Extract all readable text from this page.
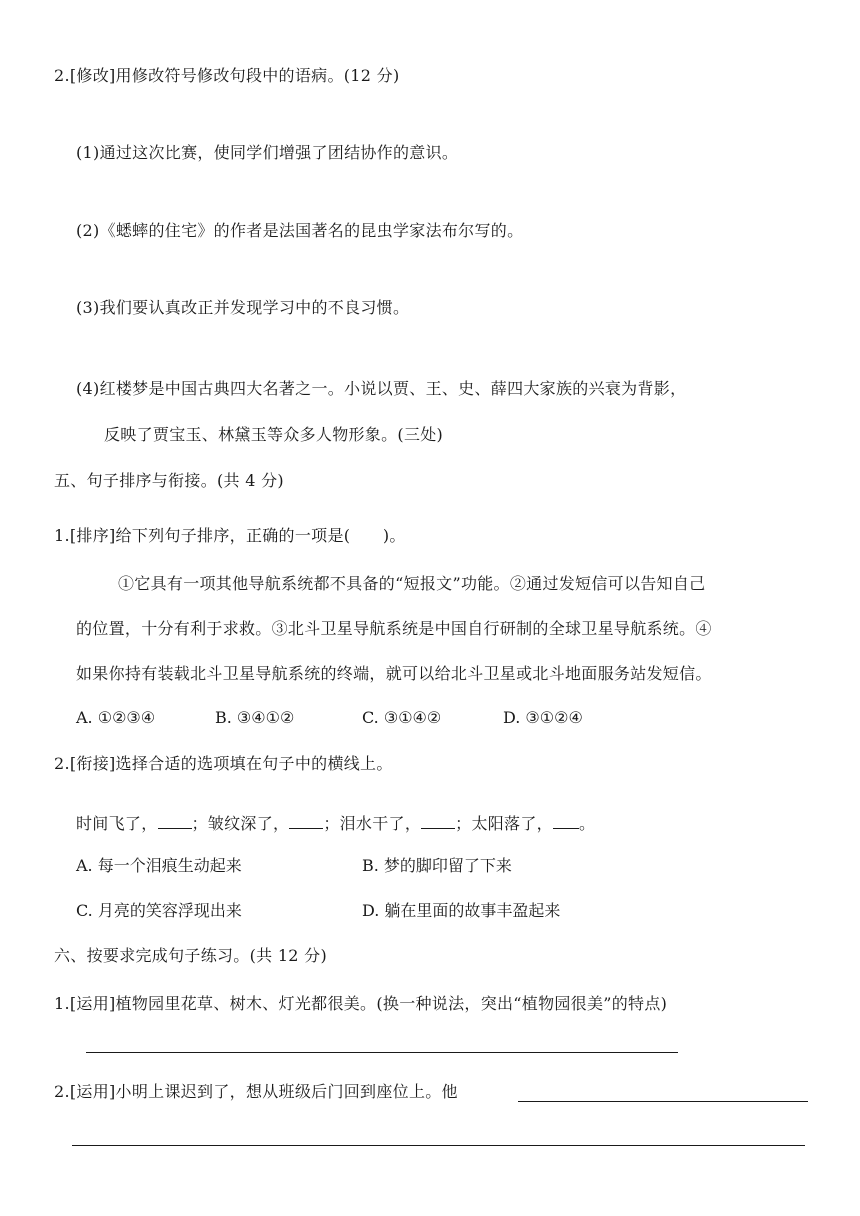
2.[修改]用修改符号修改句段中的语病。(12 分)
(1)通过这次比赛，使同学们增强了团结协作的意识。
(2)《蟋蟀的住宅》的作者是法国著名的昆虫学家法布尔写的。
(3)我们要认真改正并发现学习中的不良习惯。
(4)红楼梦是中国古典四大名著之一。小说以贾、王、史、薛四大家族的兴衰为背影，
反映了贾宝玉、林黛玉等众多人物形象。(三处)
五、句子排序与衔接。(共 4 分)
1.[排序]给下列句子排序，正确的一项是(　　)。
①它具有一项其他导航系统都不具备的“短报文”功能。②通过发短信可以告知自己
的位置，十分有利于求救。③北斗卫星导航系统是中国自行研制的全球卫星导航系统。④
如果你持有装载北斗卫星导航系统的终端，就可以给北斗卫星或北斗地面服务站发短信。
A. ①②③④	B. ③④①②	C. ③①④②	D. ③①②④
2.[衔接]选择合适的选项填在句子中的横线上。
时间飞了， ；皱纹深了， ；泪水干了， ；太阳落了， 。
A. 每一个泪痕生动起来	B. 梦的脚印留了下来
C. 月亮的笑容浮现出来	D. 躺在里面的故事丰盈起来
六、按要求完成句子练习。(共 12 分)
1.[运用]植物园里花草、树木、灯光都很美。(换一种说法，突出“植物园很美”的特点)
2.[运用]小明上课迟到了，想从班级后门回到座位上。他
